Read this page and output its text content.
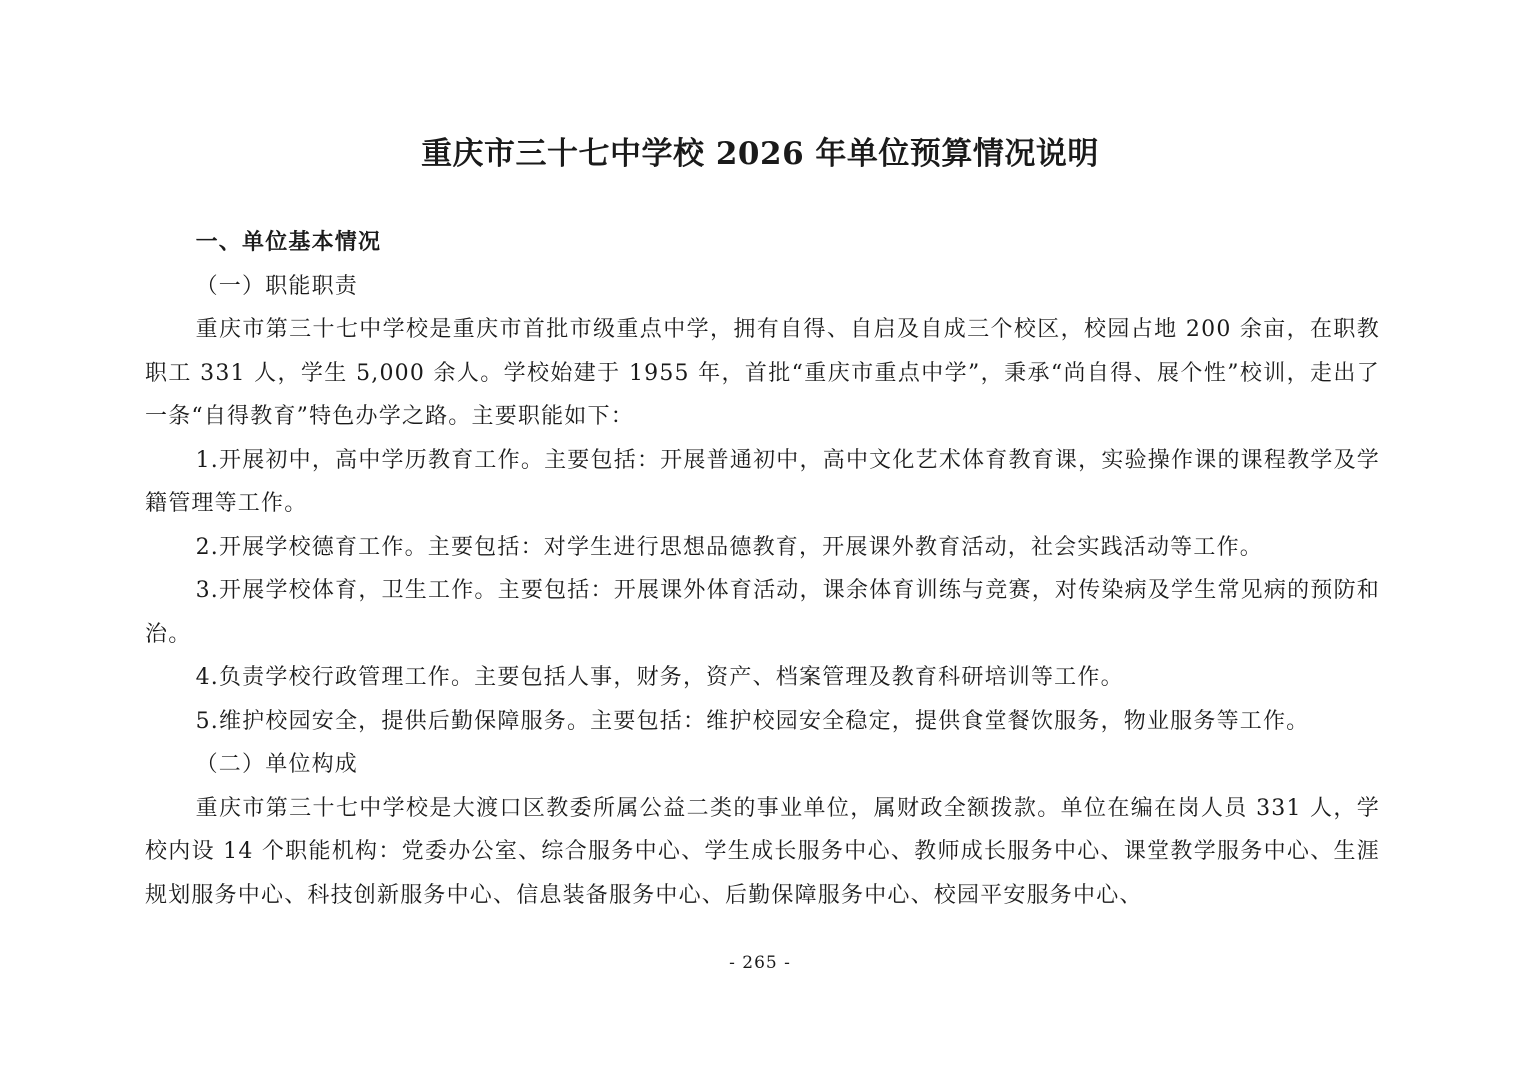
重庆市三十七中学校 2026 年单位预算情况说明

一、单位基本情况

（一）职能职责

重庆市第三十七中学校是重庆市首批市级重点中学，拥有自得、自启及自成三个校区，校园占地 200 余亩，在职教职工 331 人，学生 5,000 余人。学校始建于 1955 年，首批“重庆市重点中学”，秉承“尚自得、展个性”校训，走出了一条“自得教育”特色办学之路。主要职能如下：

1.开展初中，高中学历教育工作。主要包括：开展普通初中，高中文化艺术体育教育课，实验操作课的课程教学及学籍管理等工作。

2.开展学校德育工作。主要包括：对学生进行思想品德教育，开展课外教育活动，社会实践活动等工作。

3.开展学校体育，卫生工作。主要包括：开展课外体育活动，课余体育训练与竞赛，对传染病及学生常见病的预防和治。

4.负责学校行政管理工作。主要包括人事，财务，资产、档案管理及教育科研培训等工作。

5.维护校园安全，提供后勤保障服务。主要包括：维护校园安全稳定，提供食堂餐饮服务，物业服务等工作。

（二）单位构成

重庆市第三十七中学校是大渡口区教委所属公益二类的事业单位，属财政全额拨款。单位在编在岗人员 331 人，学校内设 14 个职能机构：党委办公室、综合服务中心、学生成长服务中心、教师成长服务中心、课堂教学服务中心、生涯规划服务中心、科技创新服务中心、信息装备服务中心、后勤保障服务中心、校园平安服务中心、

- 265 -
